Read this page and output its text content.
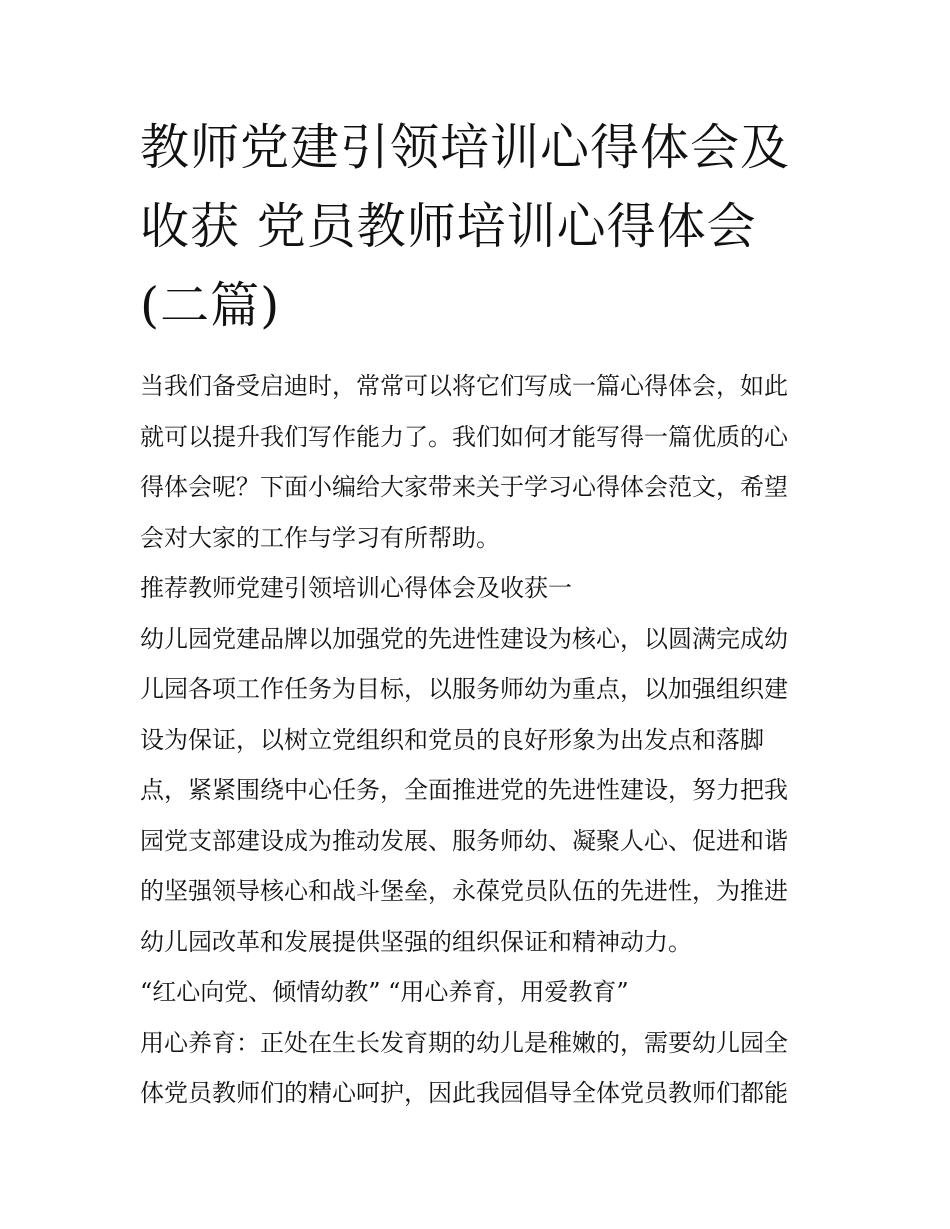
教师党建引领培训心得体会及
收获 党员教师培训心得体会
(二篇)

当我们备受启迪时，常常可以将它们写成一篇心得体会，如此
就可以提升我们写作能力了。我们如何才能写得一篇优质的心
得体会呢？下面小编给大家带来关于学习心得体会范文，希望
会对大家的工作与学习有所帮助。

推荐教师党建引领培训心得体会及收获一

幼儿园党建品牌以加强党的先进性建设为核心，以圆满完成幼
儿园各项工作任务为目标，以服务师幼为重点，以加强组织建
设为保证，以树立党组织和党员的良好形象为出发点和落脚
点，紧紧围绕中心任务，全面推进党的先进性建设，努力把我
园党支部建设成为推动发展、服务师幼、凝聚人心、促进和谐
的坚强领导核心和战斗堡垒，永葆党员队伍的先进性，为推进
幼儿园改革和发展提供坚强的组织保证和精神动力。

“红心向党、倾情幼教” “用心养育，用爱教育”

用心养育：正处在生长发育期的幼儿是稚嫩的，需要幼儿园全
体党员教师们的精心呵护，因此我园倡导全体党员教师们都能
